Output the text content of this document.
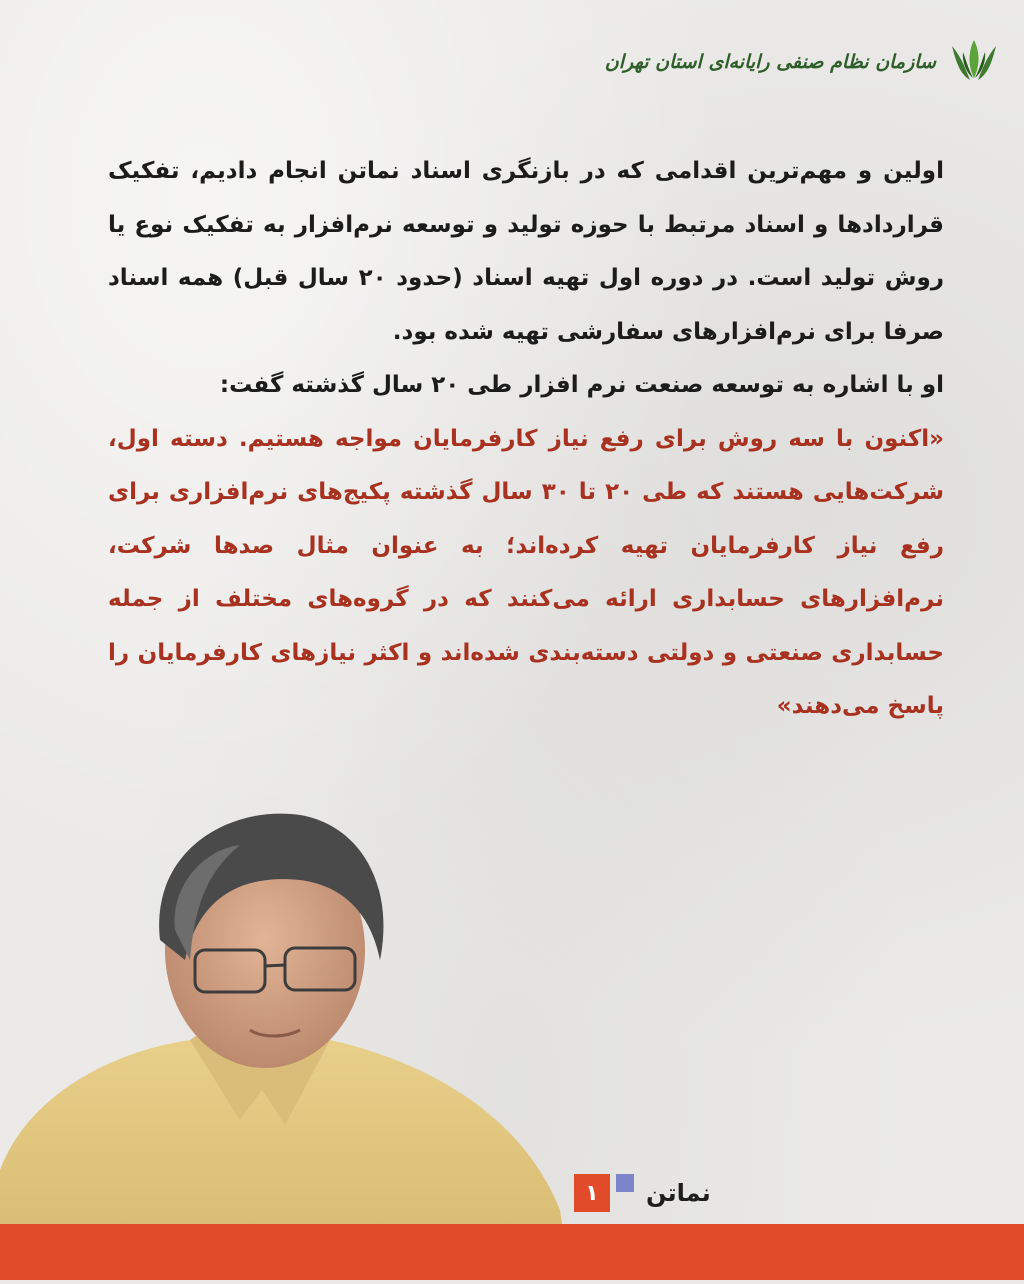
سازمان نظام صنفی رایانه‌ای استان تهران

اولین و مهم‌ترین اقدامی که در بازنگری اسناد نماتن انجام دادیم، تفکیک قراردادها و اسناد مرتبط با حوزه تولید و توسعه نرم‌افزار به تفکیک نوع یا روش تولید است. در دوره اول تهیه اسناد (حدود ۲۰ سال قبل) همه اسناد صرفا برای نرم‌افزارهای سفارشی تهیه شده بود.

او با اشاره به توسعه صنعت نرم افزار طی ۲۰ سال گذشته گفت:

«اکنون با سه روش برای رفع نیاز کارفرمایان مواجه هستیم. دسته اول، شرکت‌هایی هستند که طی ۲۰ تا ۳۰ سال گذشته پکیج‌های نرم‌افزاری برای رفع نیاز کارفرمایان تهیه کرده‌اند؛ به عنوان مثال صدها شرکت، نرم‌افزارهای حسابداری ارائه می‌کنند که در گروه‌های مختلف از جمله حسابداری صنعتی و دولتی دسته‌بندی شده‌اند و اکثر نیازهای کارفرمایان را پاسخ می‌دهند»

۱	نماتن
